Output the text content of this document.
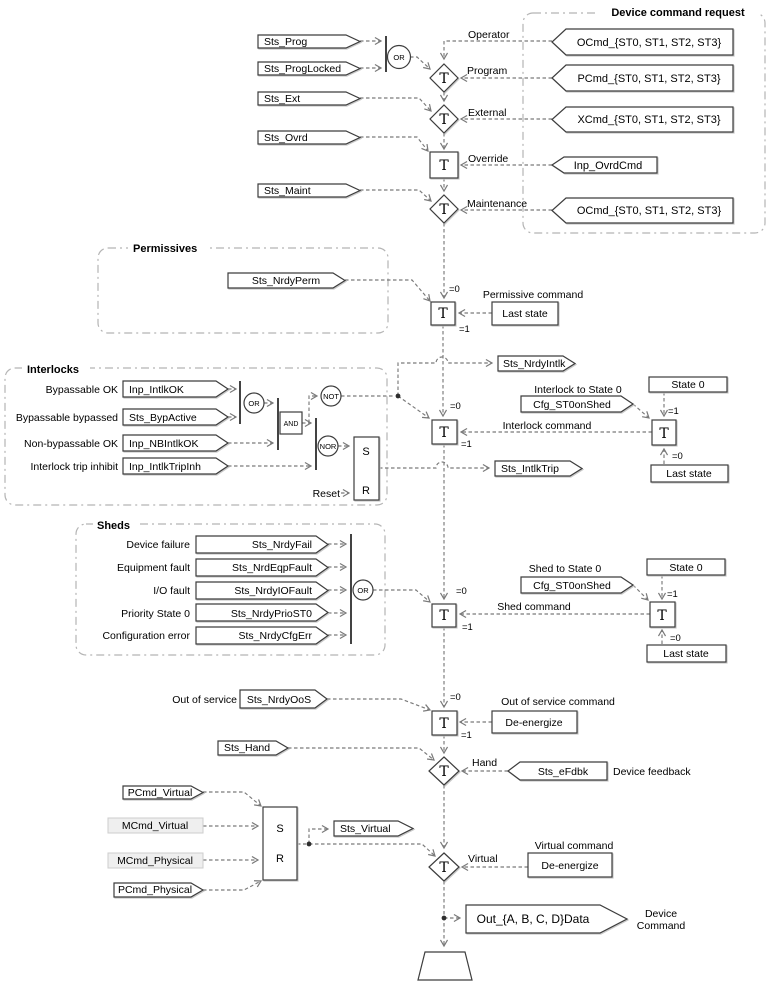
Device command request
Permissives
Interlocks
Sheds
Sts_Prog
Sts_ProgLocked
Sts_Ext
Sts_Ovrd
Sts_Maint
OCmd_{ST0, ST1, ST2, ST3}
PCmd_{ST0, ST1, ST2, ST3}
XCmd_{ST0, ST1, ST2, ST3}
Inp_OvrdCmd
OCmd_{ST0, ST1, ST2, ST3}
Operator
Program
External
Override
Maintenance
OR
T
T
T
T
Sts_NrdyPerm
T
=0
=1
Permissive command
Last state
Bypassable OK Inp_IntlkOK
Bypassable bypassed Sts_BypActive
Non-bypassable OK Inp_NBIntlkOK
Interlock trip inhibit Inp_IntlkTripInh
OR
AND
NOT
NOR S
R
Reset
Sts_NrdyIntlk
Sts_IntlkTrip
T
=0
=1
Interlock command
Interlock to State 0
Cfg_ST0onShed
State 0
T
=1
=0
Last state
Device failure	Sts_NrdyFail
Equipment fault	Sts_NrdEqpFault
I/O fault	Sts_NrdyIOFault
Priority State 0	Sts_NrdyPrioST0
Configuration error	Sts_NrdyCfgErr
OR
T
=0
=1
Shed command
Shed to State 0
Cfg_ST0onShed
State 0
T
=1
=0
Last state
Out of service Sts_NrdyOoS
T
=0
=1
Out of service command
De-energize
Sts_Hand
T
Hand
Sts_eFdbk Device feedback
PCmd_Virtual
MCmd_Virtual
MCmd_Physical
PCmd_Physical
S
R
Sts_Virtual
T
Virtual
Virtual command
De-energize
Out_{A, B, C, D}Data	Device
Command
